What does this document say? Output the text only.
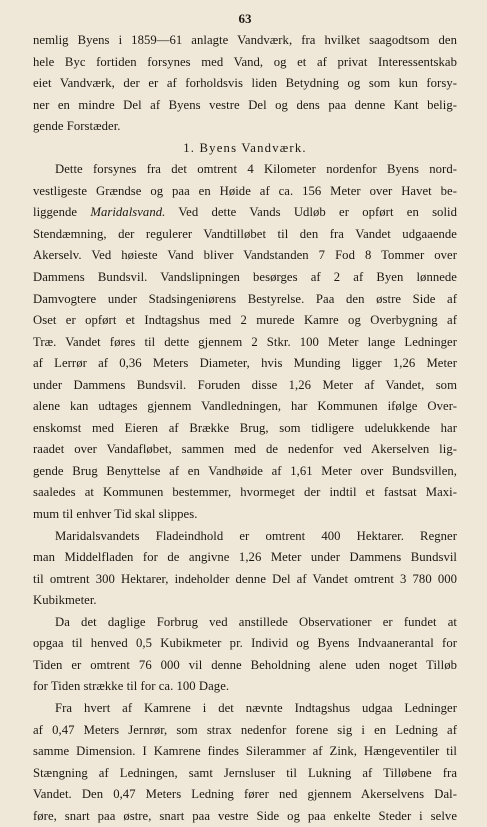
63
nemlig Byens i 1859—61 anlagte Vandværk, fra hvilket saagodtsom den
hele Byc fortiden forsynes med Vand, og et af privat Interessentskab
eiet Vandværk, der er af forholdsvis liden Betydning og som kun forsy-
ner en mindre Del af Byens vestre Del og dens paa denne Kant belig-
gende Forstæder.
1. Byens Vandværk.
Dette forsynes fra det omtrent 4 Kilometer nordenfor Byens nord-
vestligeste Grændse og paa en Høide af ca. 156 Meter over Havet be-
liggende Maridalsvand. Ved dette Vands Udløb er opført en solid
Stendæmning, der regulerer Vandtilløbet til den fra Vandet udgaaende
Akerselv. Ved høieste Vand bliver Vandstanden 7 Fod 8 Tommer over
Dammens Bundsvil. Vandslipningen besørges af 2 af Byen lønnede
Damvogtere under Stadsingeniørens Bestyrelse. Paa den østre Side af
Oset er opført et Indtagshus med 2 murede Kamre og Overbygning af
Træ. Vandet føres til dette gjennem 2 Stkr. 100 Meter lange Ledninger
af Lerrør af 0,36 Meters Diameter, hvis Munding ligger 1,26 Meter
under Dammens Bundsvil. Foruden disse 1,26 Meter af Vandet, som
alene kan udtages gjennem Vandledningen, har Kommunen ifølge Over-
enskomst med Eieren af Brække Brug, som tidligere udelukkende har
raadet over Vandafløbet, sammen med de nedenfor ved Akerselven lig-
gende Brug Benyttelse af en Vandhøide af 1,61 Meter over Bundsvillen,
saaledes at Kommunen bestemmer, hvormeget der indtil et fastsat Maxi-
mum til enhver Tid skal slippes.
Maridalsvandets Fladeindhold er omtrent 400 Hektarer. Regner
man Middelfladen for de angivne 1,26 Meter under Dammens Bundsvil
til omtrent 300 Hektarer, indeholder denne Del af Vandet omtrent 3 780 000
Kubikmeter.
Da det daglige Forbrug ved anstillede Observationer er fundet at
opgaa til henved 0,5 Kubikmeter pr. Individ og Byens Indvaanerantal for
Tiden er omtrent 76 000 vil denne Beholdning alene uden noget Tilløb
for Tiden strække til for ca. 100 Dage.
Fra hvert af Kamrene i det nævnte Indtagshus udgaa Ledninger
af 0,47 Meters Jernrør, som strax nedenfor forene sig i en Ledning af
samme Dimension. I Kamrene findes Silerammer af Zink, Hængeventiler til
Stængning af Ledningen, samt Jernsluser til Lukning af Tilløbene fra
Vandet. Den 0,47 Meters Ledning fører ned gjennem Akerselvens Dal-
føre, snart paa østre, snart paa vestre Side og paa enkelte Steder i selve
